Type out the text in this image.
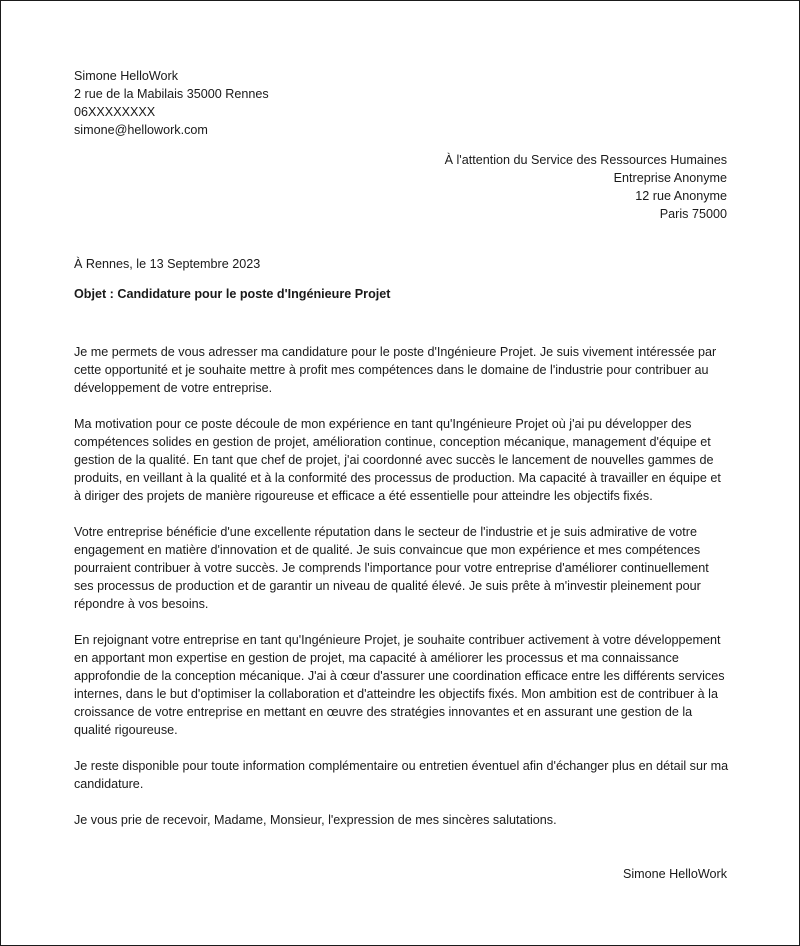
Simone HelloWork
2 rue de la Mabilais 35000 Rennes
06XXXXXXXX
simone@hellowork.com
À l'attention du Service des Ressources Humaines
Entreprise Anonyme
12 rue Anonyme
Paris 75000
À Rennes, le 13 Septembre 2023
Objet : Candidature pour le poste d'Ingénieure Projet

Je me permets de vous adresser ma candidature pour le poste d'Ingénieure Projet. Je suis vivement intéressée par cette opportunité et je souhaite mettre à profit mes compétences dans le domaine de l'industrie pour contribuer au développement de votre entreprise.

Ma motivation pour ce poste découle de mon expérience en tant qu'Ingénieure Projet où j'ai pu développer des compétences solides en gestion de projet, amélioration continue, conception mécanique, management d'équipe et gestion de la qualité. En tant que chef de projet, j'ai coordonné avec succès le lancement de nouvelles gammes de produits, en veillant à la qualité et à la conformité des processus de production. Ma capacité à travailler en équipe et à diriger des projets de manière rigoureuse et efficace a été essentielle pour atteindre les objectifs fixés.

Votre entreprise bénéficie d'une excellente réputation dans le secteur de l'industrie et je suis admirative de votre engagement en matière d'innovation et de qualité. Je suis convaincue que mon expérience et mes compétences pourraient contribuer à votre succès. Je comprends l'importance pour votre entreprise d'améliorer continuellement ses processus de production et de garantir un niveau de qualité élevé. Je suis prête à m'investir pleinement pour répondre à vos besoins.

En rejoignant votre entreprise en tant qu'Ingénieure Projet, je souhaite contribuer activement à votre développement en apportant mon expertise en gestion de projet, ma capacité à améliorer les processus et ma connaissance approfondie de la conception mécanique. J'ai à cœur d'assurer une coordination efficace entre les différents services internes, dans le but d'optimiser la collaboration et d'atteindre les objectifs fixés. Mon ambition est de contribuer à la croissance de votre entreprise en mettant en œuvre des stratégies innovantes et en assurant une gestion de la qualité rigoureuse.

Je reste disponible pour toute information complémentaire ou entretien éventuel afin d'échanger plus en détail sur ma candidature.

Je vous prie de recevoir, Madame, Monsieur, l'expression de mes sincères salutations.

Simone HelloWork
